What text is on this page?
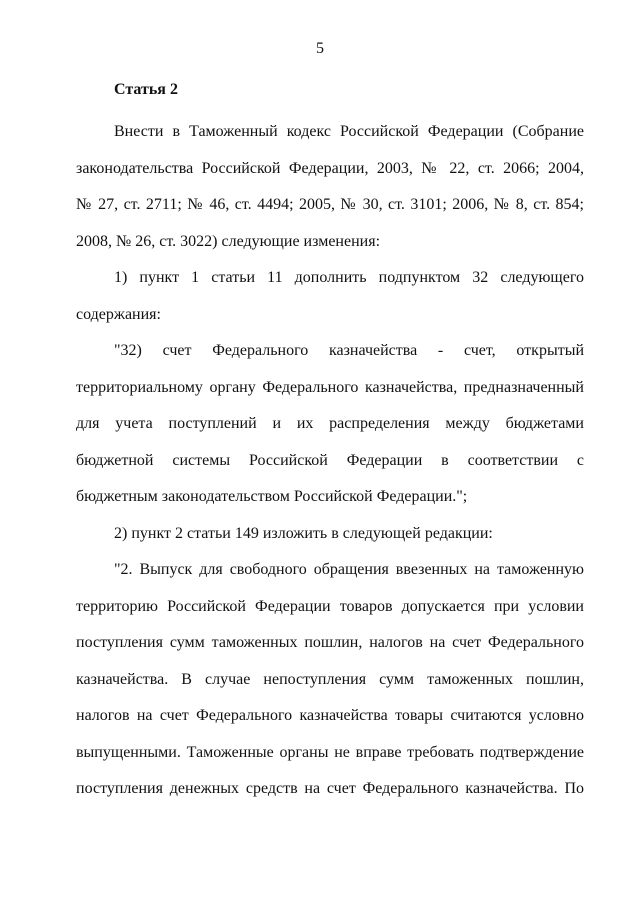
5
Статья 2
Внести в Таможенный кодекс Российской Федерации (Собрание
законодательства Российской Федерации, 2003, № 22, ст. 2066; 2004,
№ 27, ст. 2711; № 46, ст. 4494; 2005, № 30, ст. 3101; 2006, № 8, ст. 854;
2008, № 26, ст. 3022) следующие изменения:
1) пункт 1 статьи 11 дополнить подпунктом 32 следующего
содержания:
"32) счет Федерального казначейства - счет, открытый
территориальному органу Федерального казначейства, предназначенный
для учета поступлений и их распределения между бюджетами
бюджетной системы Российской Федерации в соответствии с
бюджетным законодательством Российской Федерации.";
2) пункт 2 статьи 149 изложить в следующей редакции:
"2. Выпуск для свободного обращения ввезенных на таможенную
территорию Российской Федерации товаров допускается при условии
поступления сумм таможенных пошлин, налогов на счет Федерального
казначейства. В случае непоступления сумм таможенных пошлин,
налогов на счет Федерального казначейства товары считаются условно
выпущенными. Таможенные органы не вправе требовать подтверждение
поступления денежных средств на счет Федерального казначейства. По
